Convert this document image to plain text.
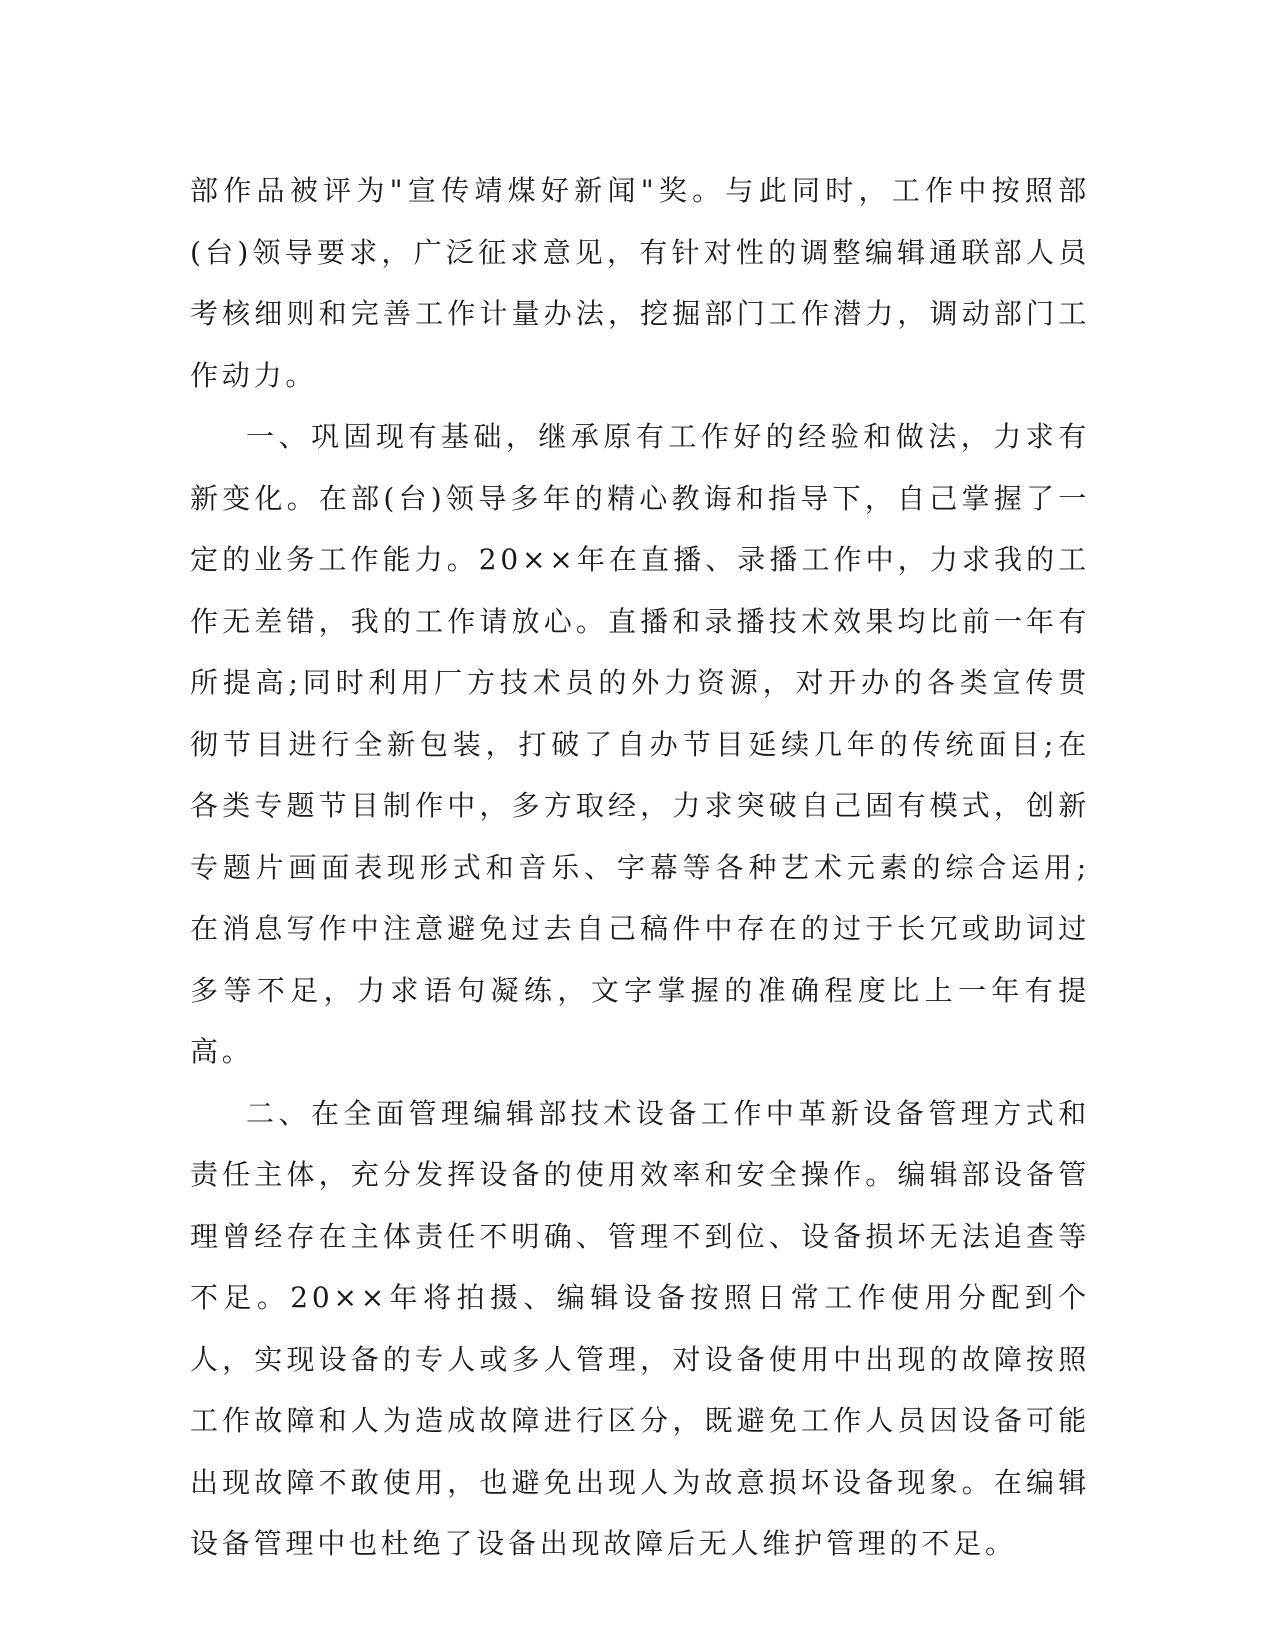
部作品被评为"宣传靖煤好新闻"奖。与此同时，工作中按照部(台)领导要求，广泛征求意见，有针对性的调整编辑通联部人员考核细则和完善工作计量办法，挖掘部门工作潜力，调动部门工作动力。

一、巩固现有基础，继承原有工作好的经验和做法，力求有新变化。在部(台)领导多年的精心教诲和指导下，自己掌握了一定的业务工作能力。20××年在直播、录播工作中，力求我的工作无差错，我的工作请放心。直播和录播技术效果均比前一年有所提高;同时利用厂方技术员的外力资源，对开办的各类宣传贯彻节目进行全新包装，打破了自办节目延续几年的传统面目;在各类专题节目制作中，多方取经，力求突破自己固有模式，创新专题片画面表现形式和音乐、字幕等各种艺术元素的综合运用;在消息写作中注意避免过去自己稿件中存在的过于长冗或助词过多等不足，力求语句凝练，文字掌握的准确程度比上一年有提高。

二、在全面管理编辑部技术设备工作中革新设备管理方式和责任主体，充分发挥设备的使用效率和安全操作。编辑部设备管理曾经存在主体责任不明确、管理不到位、设备损坏无法追查等不足。20××年将拍摄、编辑设备按照日常工作使用分配到个人，实现设备的专人或多人管理，对设备使用中出现的故障按照工作故障和人为造成故障进行区分，既避免工作人员因设备可能出现故障不敢使用，也避免出现人为故意损坏设备现象。在编辑设备管理中也杜绝了设备出现故障后无人维护管理的不足。
